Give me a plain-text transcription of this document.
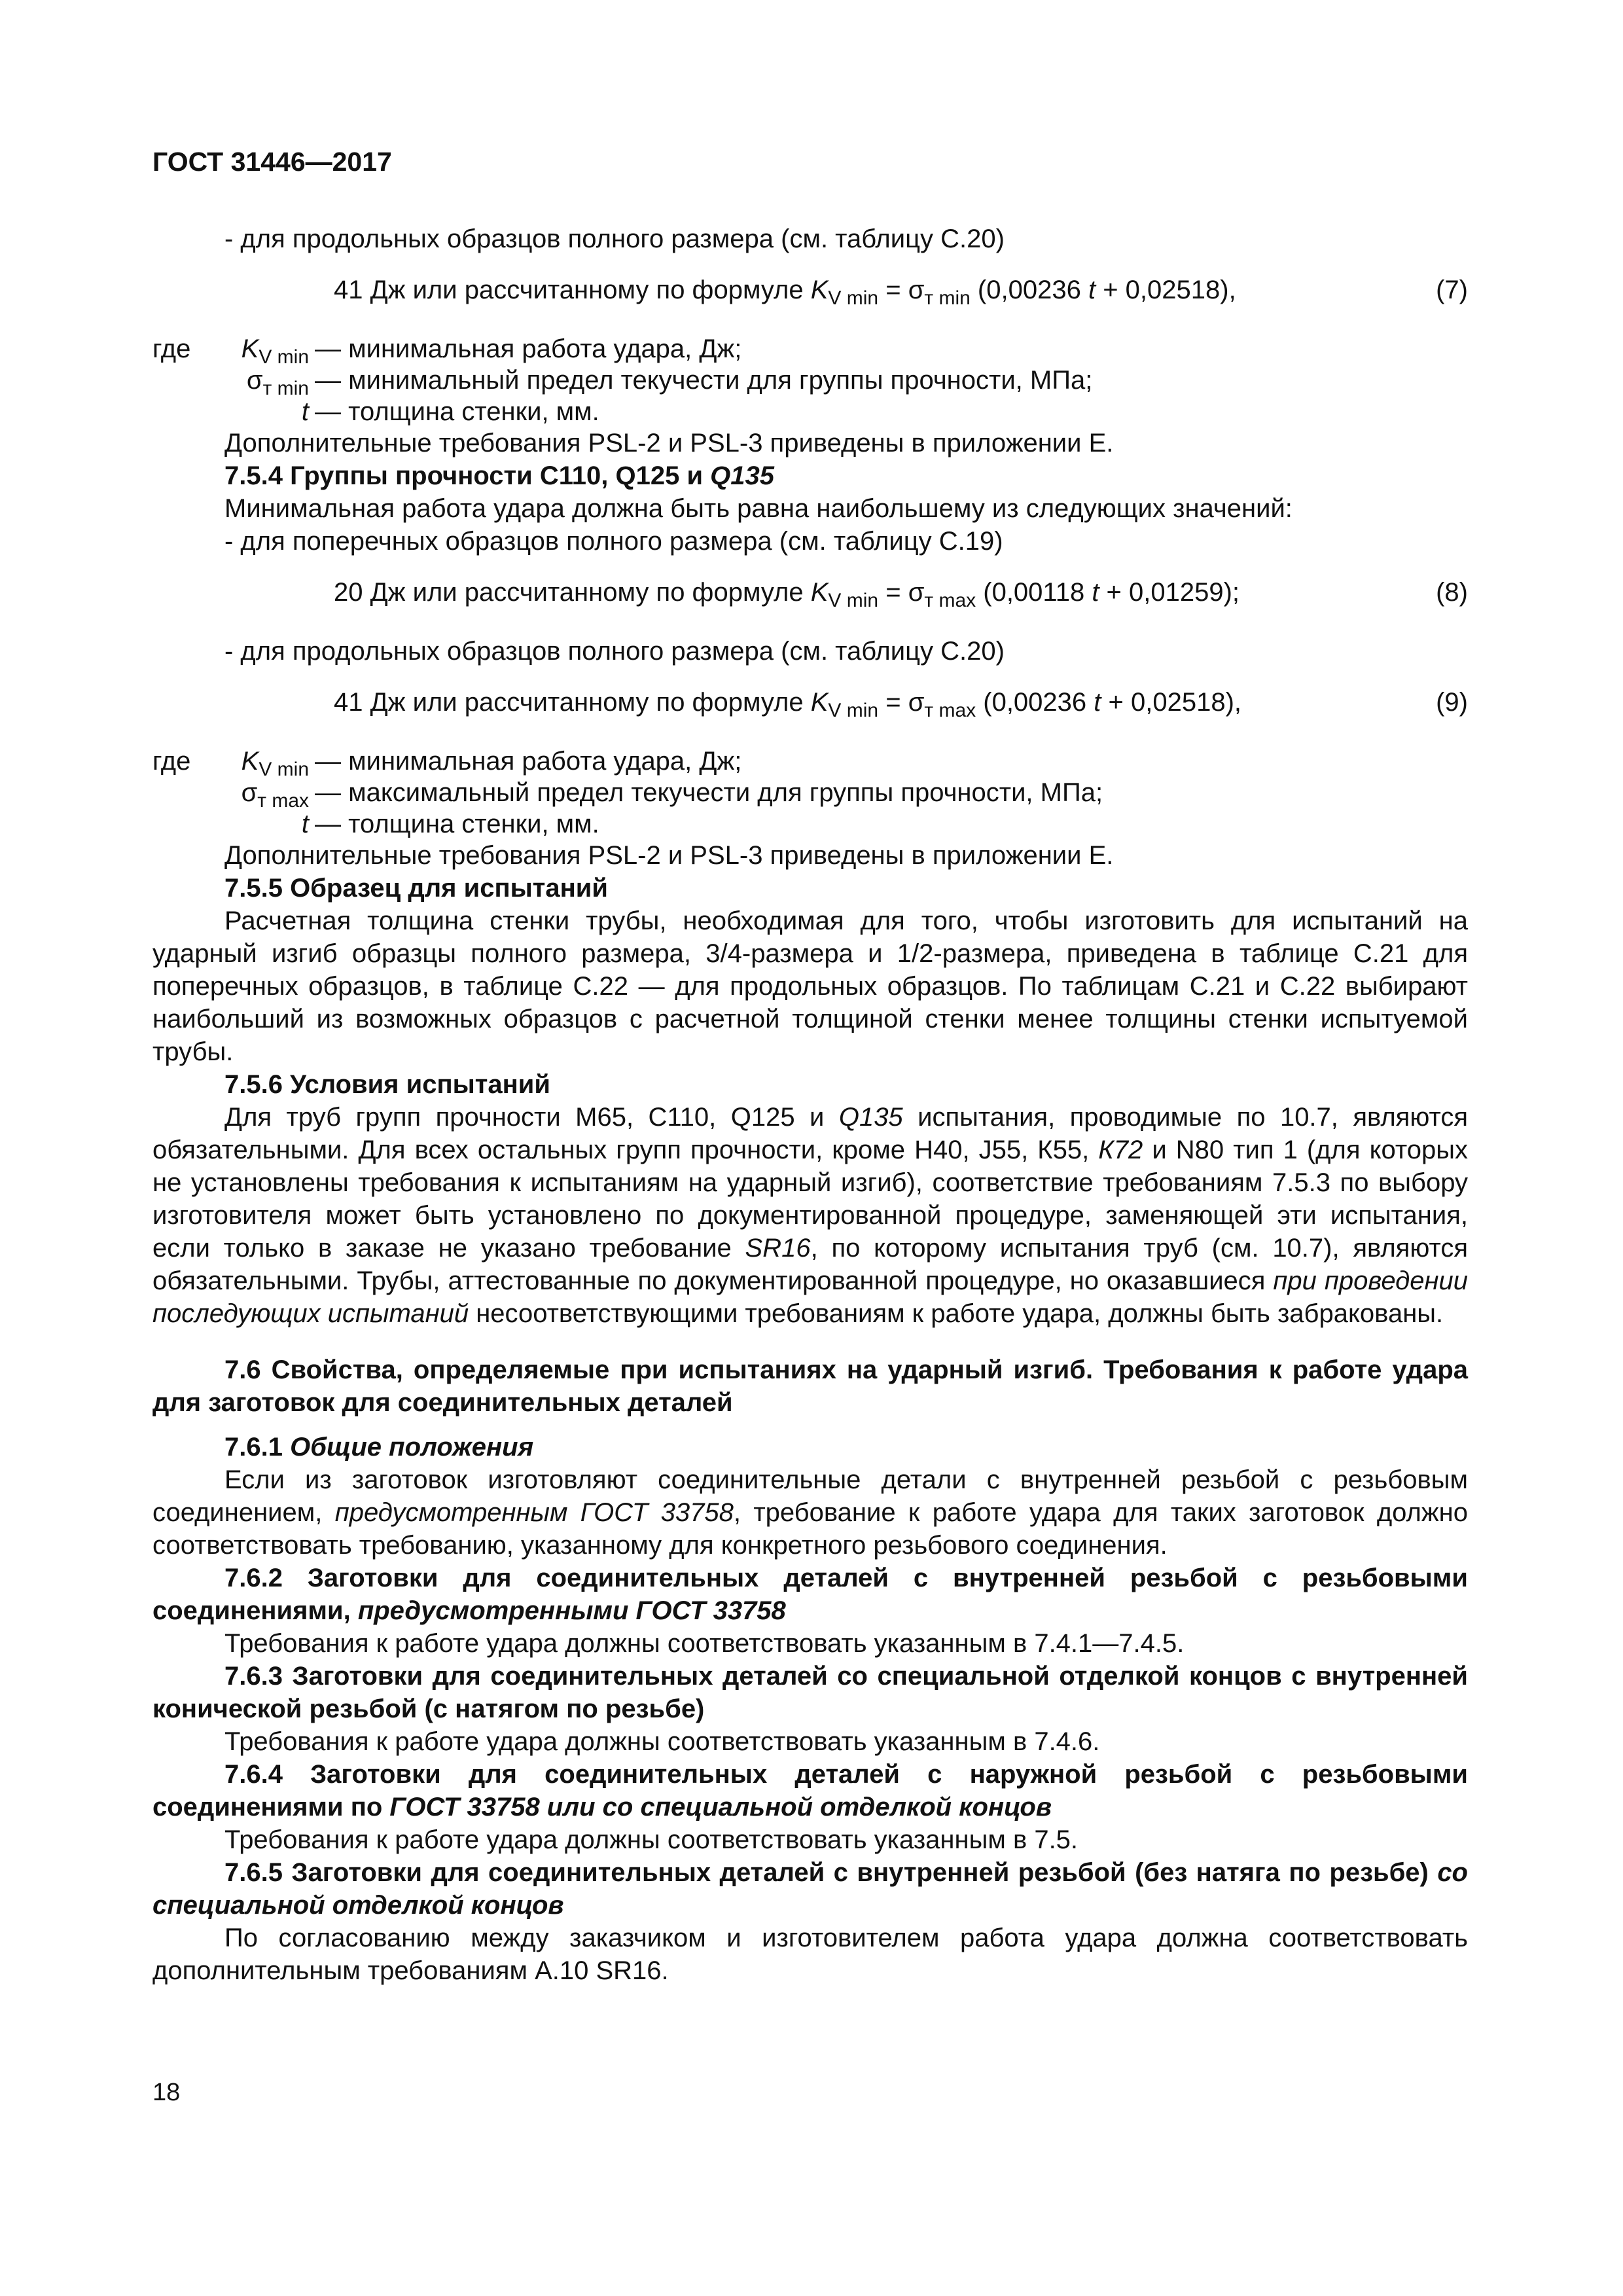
ГОСТ 31446—2017

- для продольных образцов полного размера (см. таблицу С.20)

41 Дж или рассчитанному по формуле $K_{V min} = \sigma_{т min}$ (0,00236 t + 0,02518),	(7)
где $K_{V min}$ — минимальная работа удара, Дж;
$\sigma_{т min}$ — минимальный предел текучести для группы прочности, МПа;
t — толщина стенки, мм.

Дополнительные требования PSL-2 и PSL-3 приведены в приложении Е.

7.5.4 Группы прочности С110, Q125 и Q135

Минимальная работа удара должна быть равна наибольшему из следующих значений:

- для поперечных образцов полного размера (см. таблицу С.19)

20 Дж или рассчитанному по формуле $K_{V min} = \sigma_{т max}$ (0,00118 t + 0,01259);	(8)

- для продольных образцов полного размера (см. таблицу С.20)

41 Дж или рассчитанному по формуле $K_{V min} = \sigma_{т max}$ (0,00236 t + 0,02518),	(9)
где $K_{V min}$ — минимальная работа удара, Дж;
$\sigma_{т max}$ — максимальный предел текучести для группы прочности, МПа;
t — толщина стенки, мм.

Дополнительные требования PSL-2 и PSL-3 приведены в приложении Е.

7.5.5 Образец для испытаний

Расчетная толщина стенки трубы, необходимая для того, чтобы изготовить для испытаний на ударный изгиб образцы полного размера, 3/4-размера и 1/2-размера, приведена в таблице С.21 для поперечных образцов, в таблице С.22 — для продольных образцов. По таблицам С.21 и С.22 выбирают наибольший из возможных образцов с расчетной толщиной стенки менее толщины стенки испытуемой трубы.

7.5.6 Условия испытаний

Для труб групп прочности М65, С110, Q125 и Q135 испытания, проводимые по 10.7, являются обязательными. Для всех остальных групп прочности, кроме Н40, J55, К55, К72 и N80 тип 1 (для которых не установлены требования к испытаниям на ударный изгиб), соответствие требованиям 7.5.3 по выбору изготовителя может быть установлено по документированной процедуре, заменяющей эти испытания, если только в заказе не указано требование SR16, по которому испытания труб (см. 10.7), являются обязательными. Трубы, аттестованные по документированной процедуре, но оказавшиеся при проведении последующих испытаний несоответствующими требованиям к работе удара, должны быть забракованы.

7.6 Свойства, определяемые при испытаниях на ударный изгиб. Требования к работе удара для заготовок для соединительных деталей

7.6.1 Общие положения

Если из заготовок изготовляют соединительные детали с внутренней резьбой с резьбовым соединением, предусмотренным ГОСТ 33758, требование к работе удара для таких заготовок должно соответствовать требованию, указанному для конкретного резьбового соединения.

7.6.2 Заготовки для соединительных деталей с внутренней резьбой с резьбовыми соединениями, предусмотренными ГОСТ 33758

Требования к работе удара должны соответствовать указанным в 7.4.1—7.4.5.

7.6.3 Заготовки для соединительных деталей со специальной отделкой концов с внутренней конической резьбой (с натягом по резьбе)

Требования к работе удара должны соответствовать указанным в 7.4.6.

7.6.4 Заготовки для соединительных деталей с наружной резьбой с резьбовыми соединениями по ГОСТ 33758 или со специальной отделкой концов

Требования к работе удара должны соответствовать указанным в 7.5.

7.6.5 Заготовки для соединительных деталей с внутренней резьбой (без натяга по резьбе) со специальной отделкой концов

По согласованию между заказчиком и изготовителем работа удара должна соответствовать дополнительным требованиям А.10 SR16.

18
